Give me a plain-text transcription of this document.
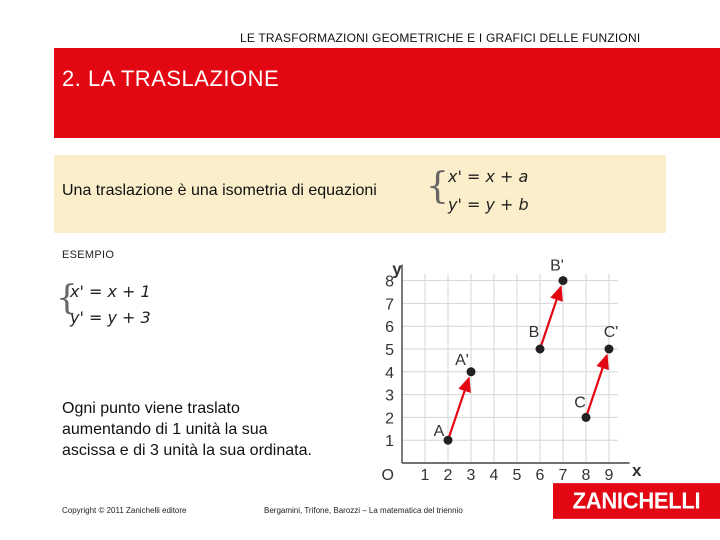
LE TRASFORMAZIONI GEOMETRICHE E I GRAFICI DELLE FUNZIONI
2. LA TRASLAZIONE
Una traslazione è una isometria di equazioni { x' = x + a
y' = y + b
ESEMPIO
{
x' = x + 1
y' = y + 3
Ogni punto viene traslato aumentando di 1 unità la sua ascissa e di 3 unità la sua ordinata.
1 2 3 4 5 6 7 8 9
1
2
3
4
5
6
7
8
O	x
y
A
A'
B
B'
C
C'
Copyright © 2011 Zanichelli editore	Bergamini, Trifone, Barozzi – La matematica del triennio	ZANICHELLI
